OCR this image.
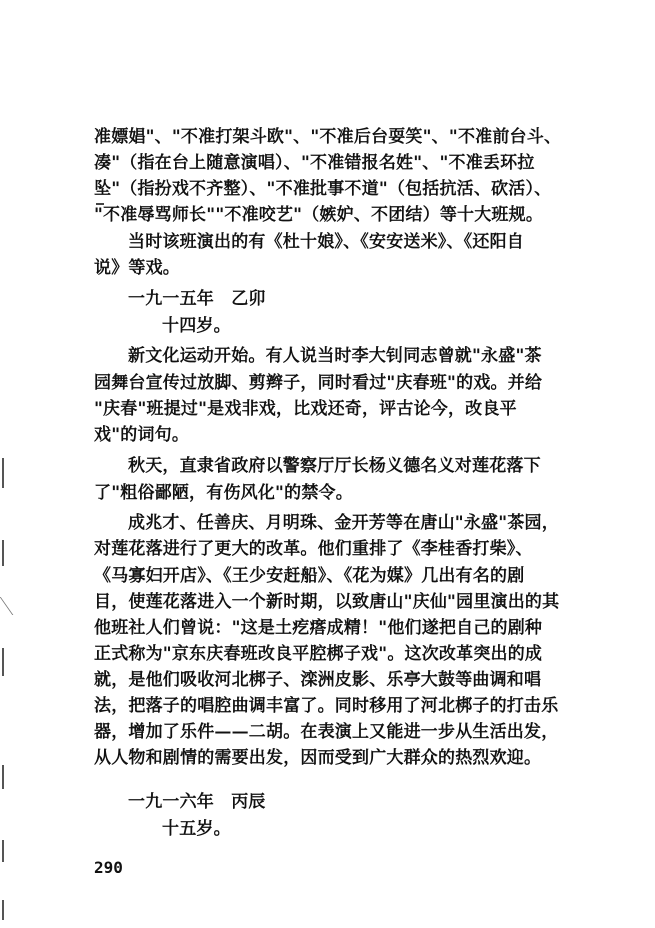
准嫖娼"、"不准打架斗欧"、"不准后台耍笑"、"不准前台斗、
凑"（指在台上随意演唱）、"不准错报名姓"、"不准丢环拉
坠"（指扮戏不齐整）、"不准批事不道"（包括抗活、砍活）、
"不准辱骂师长""不准咬艺"（嫉妒、不团结）等十大班规。
当时该班演出的有《杜十娘》、《安安送米》、《还阳自
说》等戏。
一九一五年　乙卯
十四岁。
新文化运动开始。有人说当时李大钊同志曾就"永盛"茶
园舞台宣传过放脚、剪辫子，同时看过"庆春班"的戏。并给
"庆春"班提过"是戏非戏，比戏还奇，评古论今，改良平
戏"的词句。
秋天，直隶省政府以警察厅厅长杨义德名义对莲花落下
了"粗俗鄙陋，有伤风化"的禁令。
成兆才、任善庆、月明珠、金开芳等在唐山"永盛"茶园，
对莲花落进行了更大的改革。他们重排了《李桂香打柴》、
《马寡妇开店》、《王少安赶船》、《花为媒》几出有名的剧
目，使莲花落进入一个新时期，以致唐山"庆仙"园里演出的其
他班社人们曾说："这是土疙瘩成精！"他们遂把自己的剧种
正式称为"京东庆春班改良平腔梆子戏"。这次改革突出的成
就，是他们吸收河北梆子、滦洲皮影、乐亭大鼓等曲调和唱
法，把落子的唱腔曲调丰富了。同时移用了河北梆子的打击乐
器，增加了乐件——二胡。在表演上又能进一步从生活出发，
从人物和剧情的需要出发，因而受到广大群众的热烈欢迎。
一九一六年　丙辰
十五岁。
290
